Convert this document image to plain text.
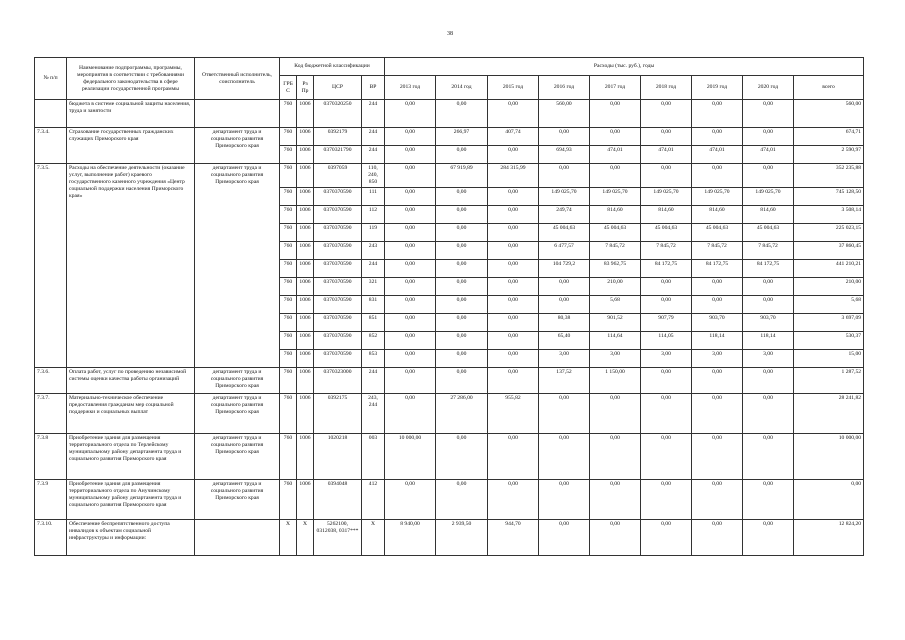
38
№ п/п	Наименование подпрограммы, программы, мероприятия в соответствии с требованиями федерального законодательства в сфере реализации государственной программы	Ответственный исполнитель, соисполнитель	Код бюджетной классификации				Расходы (тыс. руб.), годы								
			ГРБС	Рз Пр	ЦСР	ВР	2013 год	2014 год	2015 год	2016 год	2017 год	2018 год	2019 год	2020 год	всего
	бюджета в системе социальной защиты населения, труда и занятости		760	1006	0370320250	244	0,00	0,00	0,00	560,00	0,00	0,00	0,00	0,00	560,00
7.3.4.	Страхование государственных гражданских служащих Приморского края	департамент труда и социального развития Приморского края	760	1006	0392179	244	0,00	266,97	407,74	0,00	0,00	0,00	0,00	0,00	674,71
			760	1006	0370321790	244	0,00	0,00	0,00	694,93	474,01	474,01	474,01	474,01	2 590,97
7.3.5.	Расходы на обеспечение деятельности (оказание услуг, выполнение работ) краевого государственного казенного учреждения «Центр социальной поддержки населения Приморского края»	департамент труда и социального развития Приморского края	760	1006	0397059	110, 240, 850	0,00	67 919,89	284 315,99	0,00	0,00	0,00	0,00	0,00	352 235,88
			760	1006	0370370590	111	0,00	0,00	0,00	149 025,70	149 025,70	149 025,70	149 025,70	149 025,70	745 128,50
			760	1006	0370370590	112	0,00	0,00	0,00	249,74	814,60	814,60	814,60	814,60	3 508,14
			760	1006	0370370590	119	0,00	0,00	0,00	45 004,63	45 004,63	45 004,63	45 004,63	45 004,63	225 023,15
			760	1006	0370370590	243	0,00	0,00	0,00	6 477,57	7 845,72	7 845,72	7 845,72	7 845,72	37 860,45
			760	1006	0370370590	244	0,00	0,00	0,00	104 729,2	83 962,75	84 172,75	84 172,75	84 172,75	441 210,21
			760	1006	0370370590	321	0,00	0,00	0,00	0,00	210,00	0,00	0,00	0,00	210,00
			760	1006	0370370590	831	0,00	0,00	0,00	0,00	5,68	0,00	0,00	0,00	5,68
			760	1006	0370370590	851	0,00	0,00	0,00	80,38	901,52	907,79	903,70	903,70	3 697,09
			760	1006	0370370590	852	0,00	0,00	0,00	65,40	114,64	114,05	118,14	118,14	530,37
			760	1006	0370370590	853	0,00	0,00	0,00	3,00	3,00	3,00	3,00	3,00	15,00
7.3.6.	Оплата работ, услуг по проведению независимой системы оценки качества работы организаций	департамент труда и социального развития Приморского края	760	1006	0370323000	244	0,00	0,00	0,00	137,52	1 150,00	0,00	0,00	0,00	1 287,52
7.3.7.	Материально-техническое обеспечение предоставления гражданам мер социальной поддержки и социальных выплат	департамент труда и социального развития Приморского края	760	1006	0392175	243, 244	0,00	27 286,00	955,82	0,00	0,00	0,00	0,00	0,00	28 241,82
7.3.8	Приобретение здания для размещения территориального отдела по Терлейскому муниципальному району департамента труда и социального развития Приморского края	департамент труда и социального развития Приморского края	760	1006	1020218	003	10 000,00	0,00	0,00	0,00	0,00	0,00	0,00	0,00	10 000,00
7.3.9	Приобретение здания для размещения территориального отдела по Анучинскому муниципальному району департамента труда и социального развития Приморского края	департамент труда и социального развития Приморского края	760	1006	0394048	412	0,00	0,00	0,00	0,00	0,00	0,00	0,00	0,00	0,00
7.3.10.	Обеспечение беспрепятственного доступа инвалидов к объектам социальной инфраструктуры и информации:		X	X	5262100, 0312038, 0317***	X	8 940,00	2 939,50	944,70	0,00	0,00	0,00	0,00	0,00	12 824,20
